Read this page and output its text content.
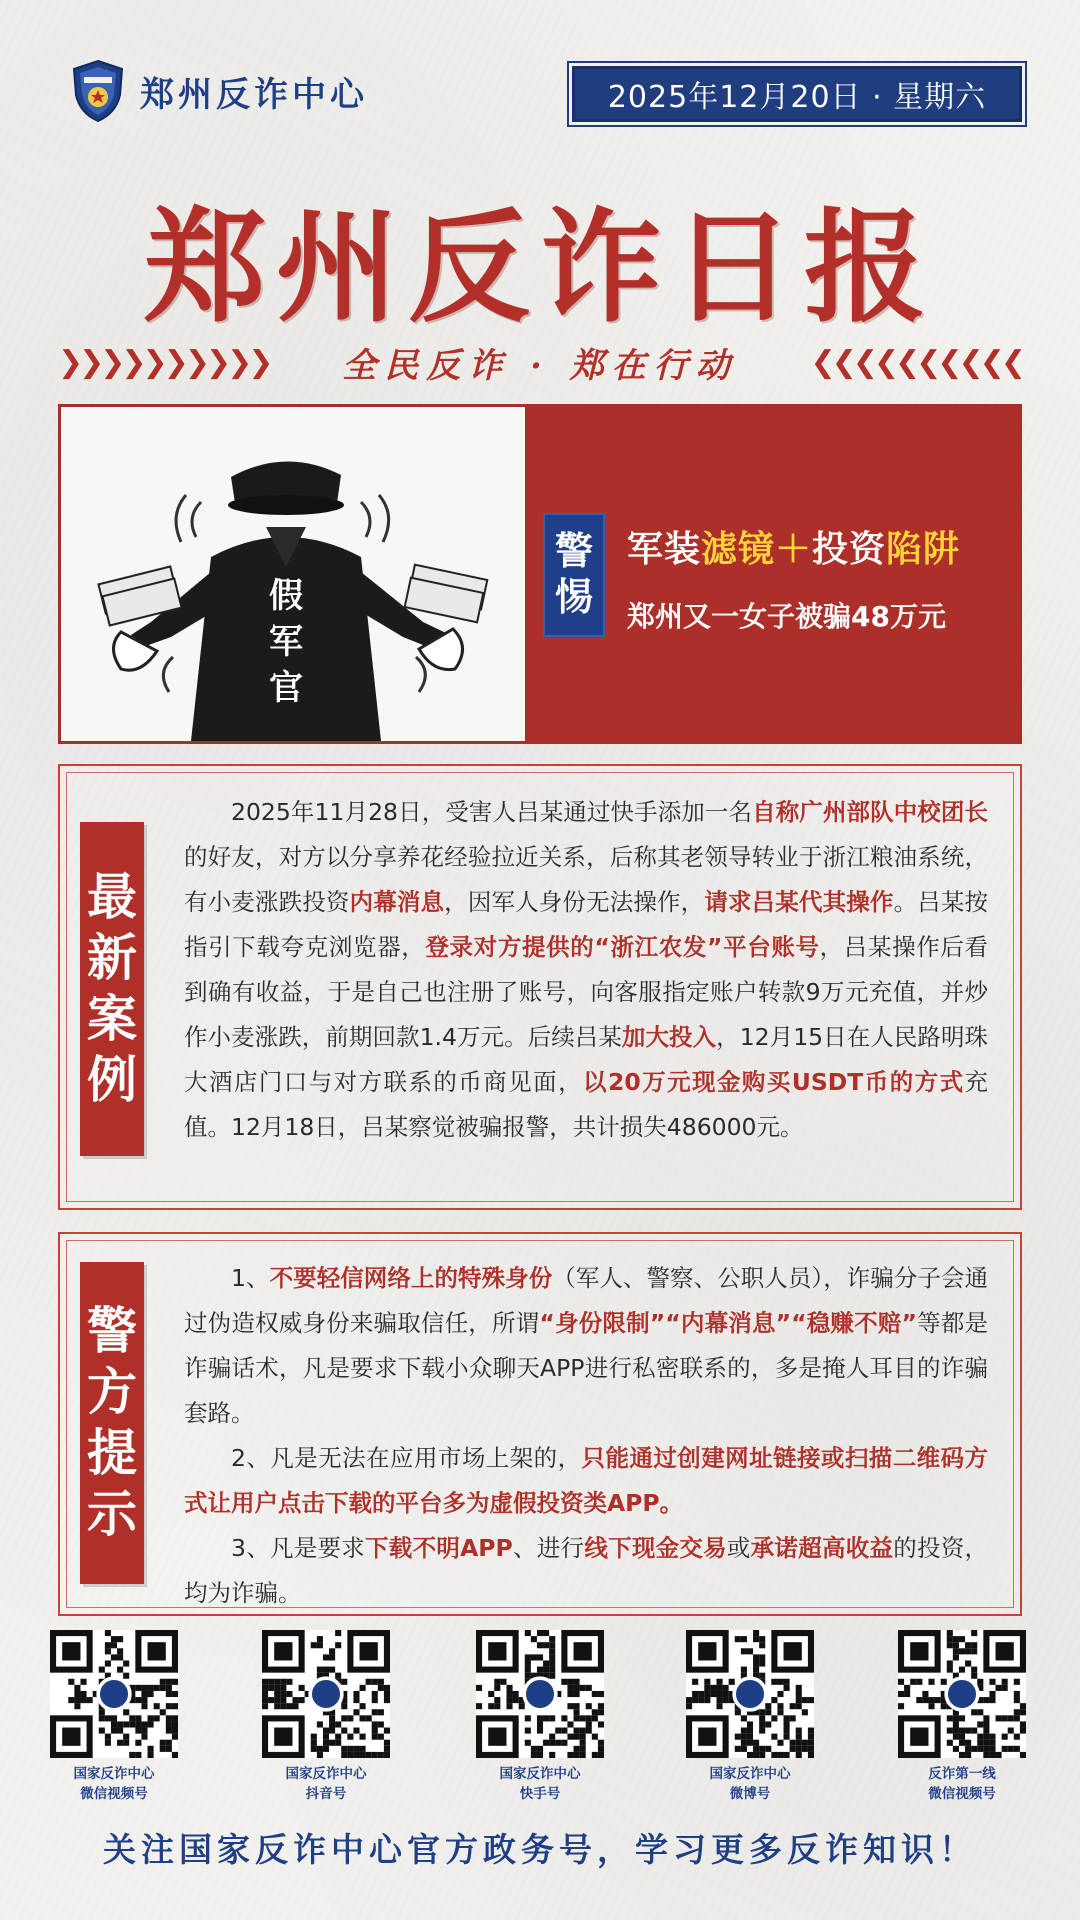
郑州反诈中心	2025年12月20日 · 星期六
郑州反诈日报
❯❯❯❯❯❯❯❯❯❯ 全民反诈 · 郑在行动 ❮❮❮❮❮❮❮❮❮❮
假
军
官
警
惕
军装滤镜＋投资陷阱
郑州又一女子被骗48万元
最
新
案
例
2025年11月28日，受害人吕某通过快手添加一名自称广州部队中校团长的好友，对方以分享养花经验拉近关系，后称其老领导转业于浙江粮油系统，有小麦涨跌投资内幕消息，因军人身份无法操作，请求吕某代其操作。吕某按指引下载夸克浏览器，登录对方提供的“浙江农发”平台账号，吕某操作后看到确有收益，于是自己也注册了账号，向客服指定账户转款9万元充值，并炒作小麦涨跌，前期回款1.4万元。后续吕某加大投入，12月15日在人民路明珠大酒店门口与对方联系的币商见面，以20万元现金购买USDT币的方式充值。12月18日，吕某察觉被骗报警，共计损失486000元。
警
方
提
示
1、不要轻信网络上的特殊身份（军人、警察、公职人员），诈骗分子会通过伪造权威身份来骗取信任，所谓“身份限制”“内幕消息”“稳赚不赔”等都是诈骗话术，凡是要求下载小众聊天APP进行私密联系的，多是掩人耳目的诈骗套路。
2、凡是无法在应用市场上架的，只能通过创建网址链接或扫描二维码方式让用户点击下载的平台多为虚假投资类APP。
3、凡是要求下载不明APP、进行线下现金交易或承诺超高收益的投资，均为诈骗。
国家反诈中心
微信视频号
国家反诈中心
抖音号
国家反诈中心
快手号
国家反诈中心
微博号
反诈第一线
微信视频号
关注国家反诈中心官方政务号，学习更多反诈知识！
